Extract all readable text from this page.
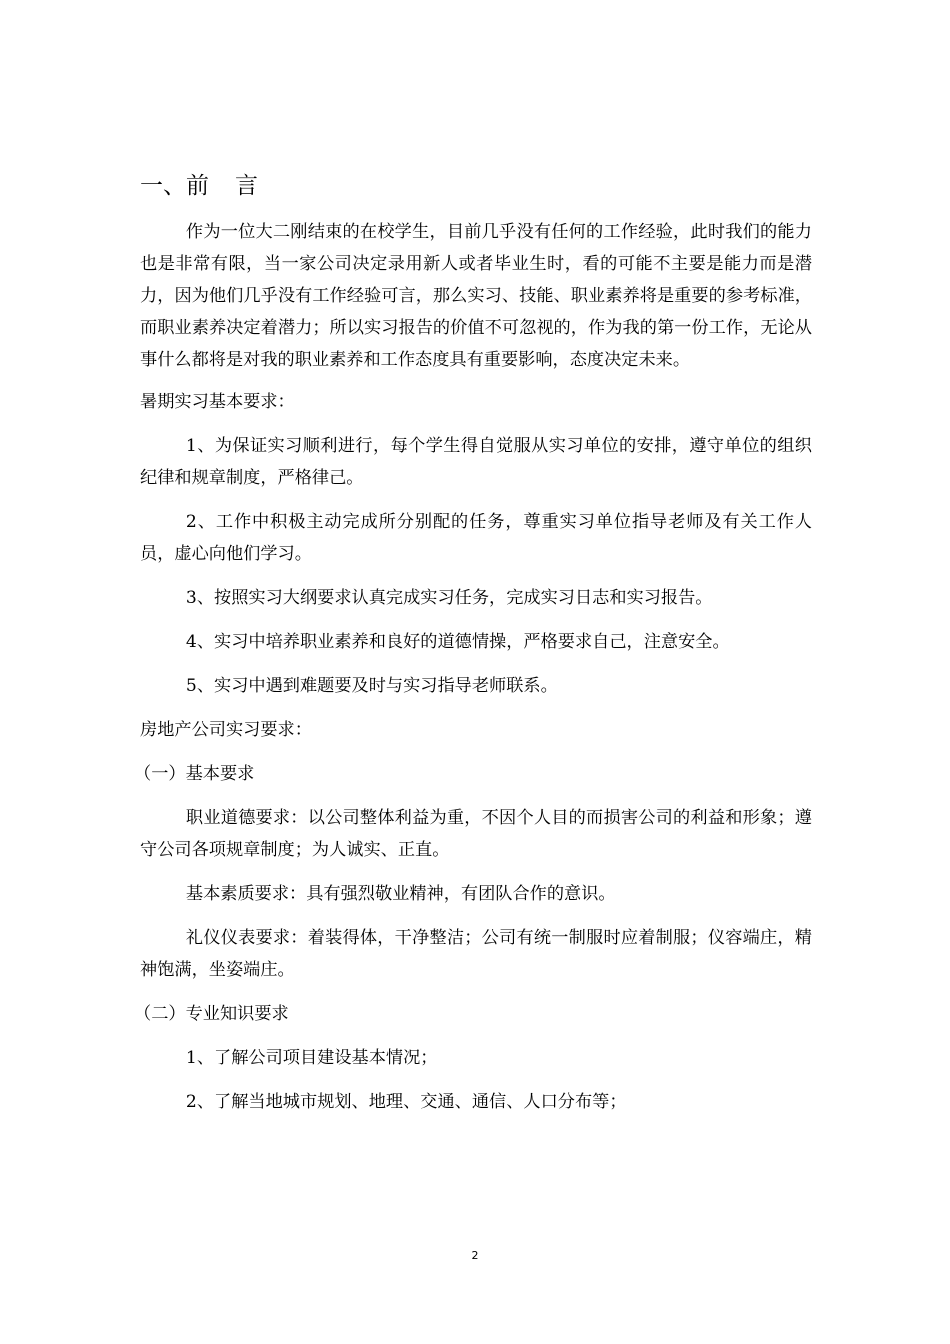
一、前 言

作为一位大二刚结束的在校学生，目前几乎没有任何的工作经验，此时我们的能力也是非常有限，当一家公司决定录用新人或者毕业生时，看的可能不主要是能力而是潜力，因为他们几乎没有工作经验可言，那么实习、技能、职业素养将是重要的参考标准，而职业素养决定着潜力；所以实习报告的价值不可忽视的，作为我的第一份工作，无论从事什么都将是对我的职业素养和工作态度具有重要影响，态度决定未来。

暑期实习基本要求：

1、为保证实习顺利进行，每个学生得自觉服从实习单位的安排，遵守单位的组织纪律和规章制度，严格律己。

2、工作中积极主动完成所分别配的任务，尊重实习单位指导老师及有关工作人员，虚心向他们学习。

3、按照实习大纲要求认真完成实习任务，完成实习日志和实习报告。

4、实习中培养职业素养和良好的道德情操，严格要求自己，注意安全。

5、实习中遇到难题要及时与实习指导老师联系。

房地产公司实习要求：

（一）基本要求

职业道德要求：以公司整体利益为重，不因个人目的而损害公司的利益和形象；遵守公司各项规章制度；为人诚实、正直。

基本素质要求：具有强烈敬业精神，有团队合作的意识。

礼仪仪表要求：着装得体，干净整洁；公司有统一制服时应着制服；仪容端庄，精神饱满，坐姿端庄。

（二）专业知识要求

1、了解公司项目建设基本情况；

2、了解当地城市规划、地理、交通、通信、人口分布等；

2
